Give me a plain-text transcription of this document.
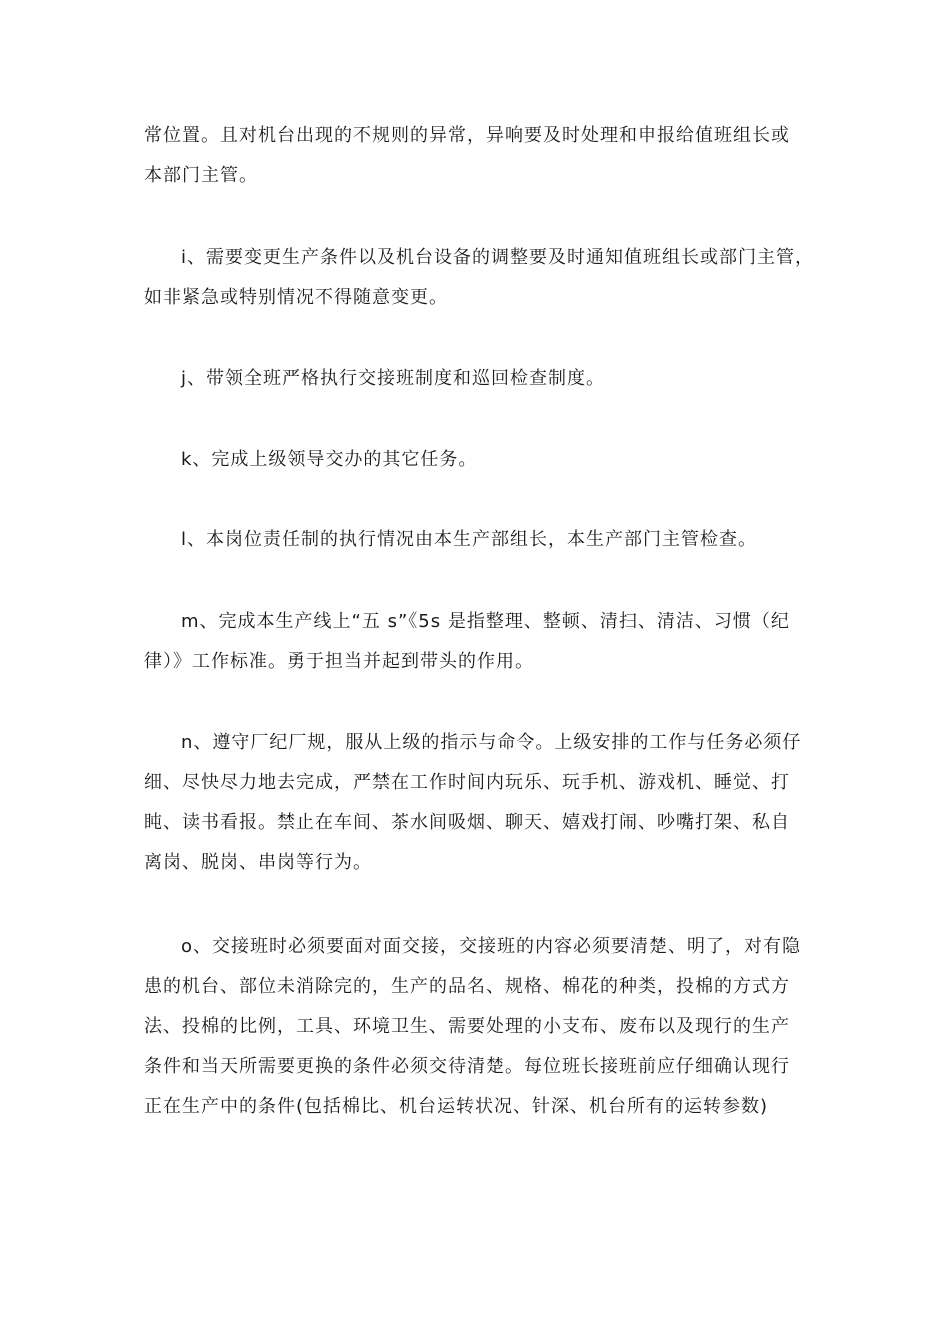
常位置。且对机台出现的不规则的异常，异响要及时处理和申报给值班组长或
本部门主管。

i、需要变更生产条件以及机台设备的调整要及时通知值班组长或部门主管，
如非紧急或特别情况不得随意变更。

j、带领全班严格执行交接班制度和巡回检查制度。

k、完成上级领导交办的其它任务。

l、本岗位责任制的执行情况由本生产部组长，本生产部门主管检查。

m、完成本生产线上“五 s”《5s 是指整理、整顿、清扫、清洁、习惯（纪
律）》工作标准。勇于担当并起到带头的作用。

n、遵守厂纪厂规，服从上级的指示与命令。上级安排的工作与任务必须仔
细、尽快尽力地去完成，严禁在工作时间内玩乐、玩手机、游戏机、睡觉、打
盹、读书看报。禁止在车间、茶水间吸烟、聊天、嬉戏打闹、吵嘴打架、私自
离岗、脱岗、串岗等行为。

o、交接班时必须要面对面交接，交接班的内容必须要清楚、明了，对有隐
患的机台、部位未消除完的，生产的品名、规格、棉花的种类，投棉的方式方
法、投棉的比例，工具、环境卫生、需要处理的小支布、废布以及现行的生产
条件和当天所需要更换的条件必须交待清楚。每位班长接班前应仔细确认现行
正在生产中的条件(包括棉比、机台运转状况、针深、机台所有的运转参数)
